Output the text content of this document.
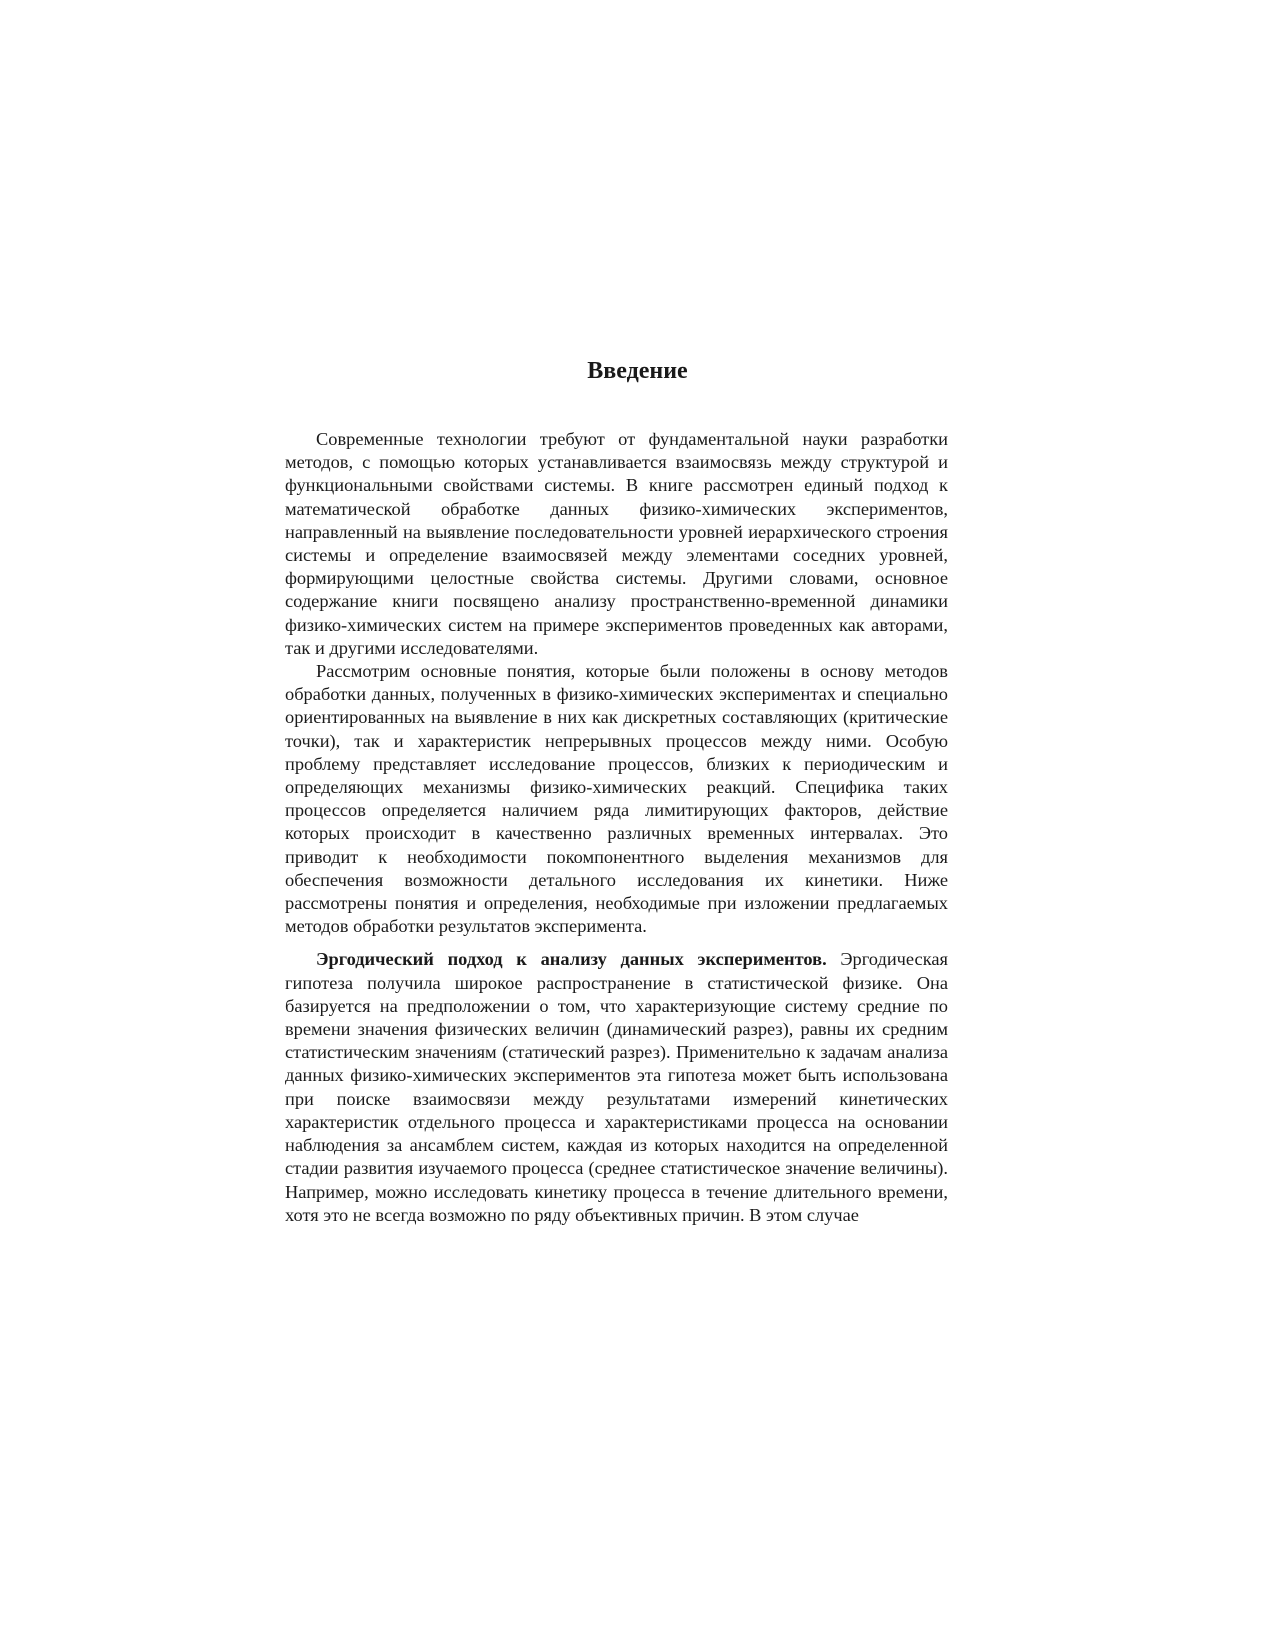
Введение

Современные технологии требуют от фундаментальной науки разработки методов, с помощью которых устанавливается взаимосвязь между структурой и функциональными свойствами системы. В книге рассмотрен единый подход к математической обработке данных физико-химических экспериментов, направленный на выявление последовательности уровней иерархического строения системы и определение взаимосвязей между элементами соседних уровней, формирующими целостные свойства системы. Другими словами, основное содержание книги посвящено анализу пространственно-временной динамики физико-химических систем на примере экспериментов проведенных как авторами, так и другими исследователями.

Рассмотрим основные понятия, которые были положены в основу методов обработки данных, полученных в физико-химических экспериментах и специально ориентированных на выявление в них как дискретных составляющих (критические точки), так и характеристик непрерывных процессов между ними. Особую проблему представляет исследование процессов, близких к периодическим и определяющих механизмы физико-химических реакций. Специфика таких процессов определяется наличием ряда лимитирующих факторов, действие которых происходит в качественно различных временных интервалах. Это приводит к необходимости покомпонентного выделения механизмов для обеспечения возможности детального исследования их кинетики. Ниже рассмотрены понятия и определения, необходимые при изложении предлагаемых методов обработки результатов эксперимента.

Эргодический подход к анализу данных экспериментов. Эргодическая гипотеза получила широкое распространение в статистической физике. Она базируется на предположении о том, что характеризующие систему средние по времени значения физических величин (динамический разрез), равны их средним статистическим значениям (статический разрез). Применительно к задачам анализа данных физико-химических экспериментов эта гипотеза может быть использована при поиске взаимосвязи между результатами измерений кинетических характеристик отдельного процесса и характеристиками процесса на основании наблюдения за ансамблем систем, каждая из которых находится на определенной стадии развития изучаемого процесса (среднее статистическое значение величины). Например, можно исследовать кинетику процесса в течение длительного времени, хотя это не всегда возможно по ряду объективных причин. В этом случае
